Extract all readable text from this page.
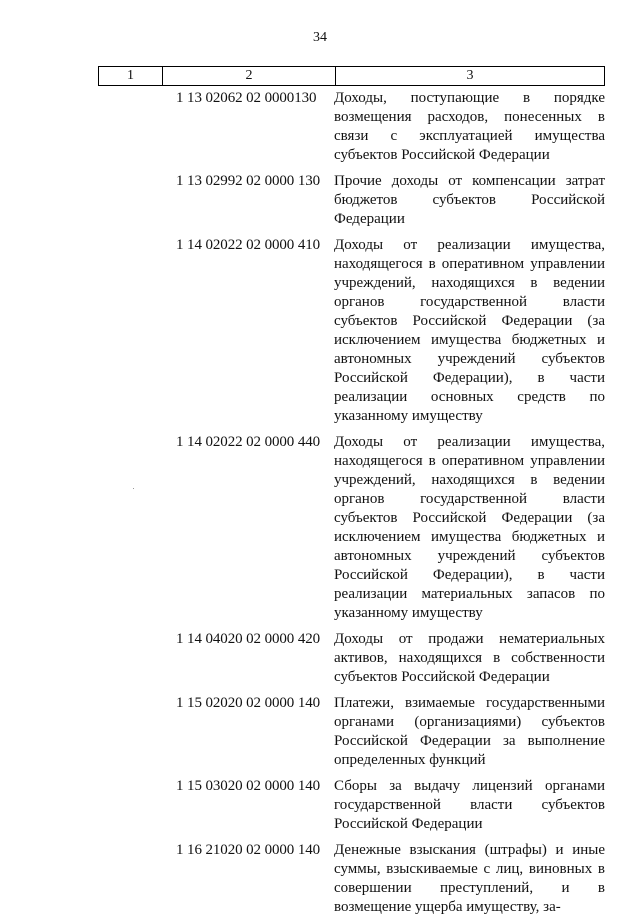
34
1	2	3
1 13 02062 02 0000130	Доходы, поступающие в порядке возмещения расходов, понесенных в связи с эксплуатацией имущества субъектов Российской Федерации
1 13 02992 02 0000 130 Прочие доходы от компенсации затрат бюджетов субъектов Российской Федерации
1 14 02022 02 0000 410 Доходы от реализации имущества, находящегося в оперативном управлении учреждений, находящихся в ведении органов государственной власти субъектов Российской Федерации (за исключением имущества бюджетных и автономных учреждений субъектов Российской Федерации), в части реализации основных средств по указанному имуществу
1 14 02022 02 0000 440 Доходы от реализации имущества, находящегося в оперативном управлении учреждений, находящихся в ведении органов государственной власти субъектов Российской Федерации (за исключением имущества бюджетных и автономных учреждений субъектов Российской Федерации), в части реализации материальных запасов по указанному имуществу
1 14 04020 02 0000 420 Доходы от продажи нематериальных активов, находящихся в собственности субъектов Российской Федерации
1 15 02020 02 0000 140 Платежи, взимаемые государственными органами (организациями) субъектов Российской Федерации за выполнение определенных функций
1 15 03020 02 0000 140 Сборы за выдачу лицензий органами государственной власти субъектов Российской Федерации
1 16 21020 02 0000 140 Денежные взыскания (штрафы) и иные суммы, взыскиваемые с лиц, виновных в совершении преступлений, и в возмещение ущерба имуществу, за-
